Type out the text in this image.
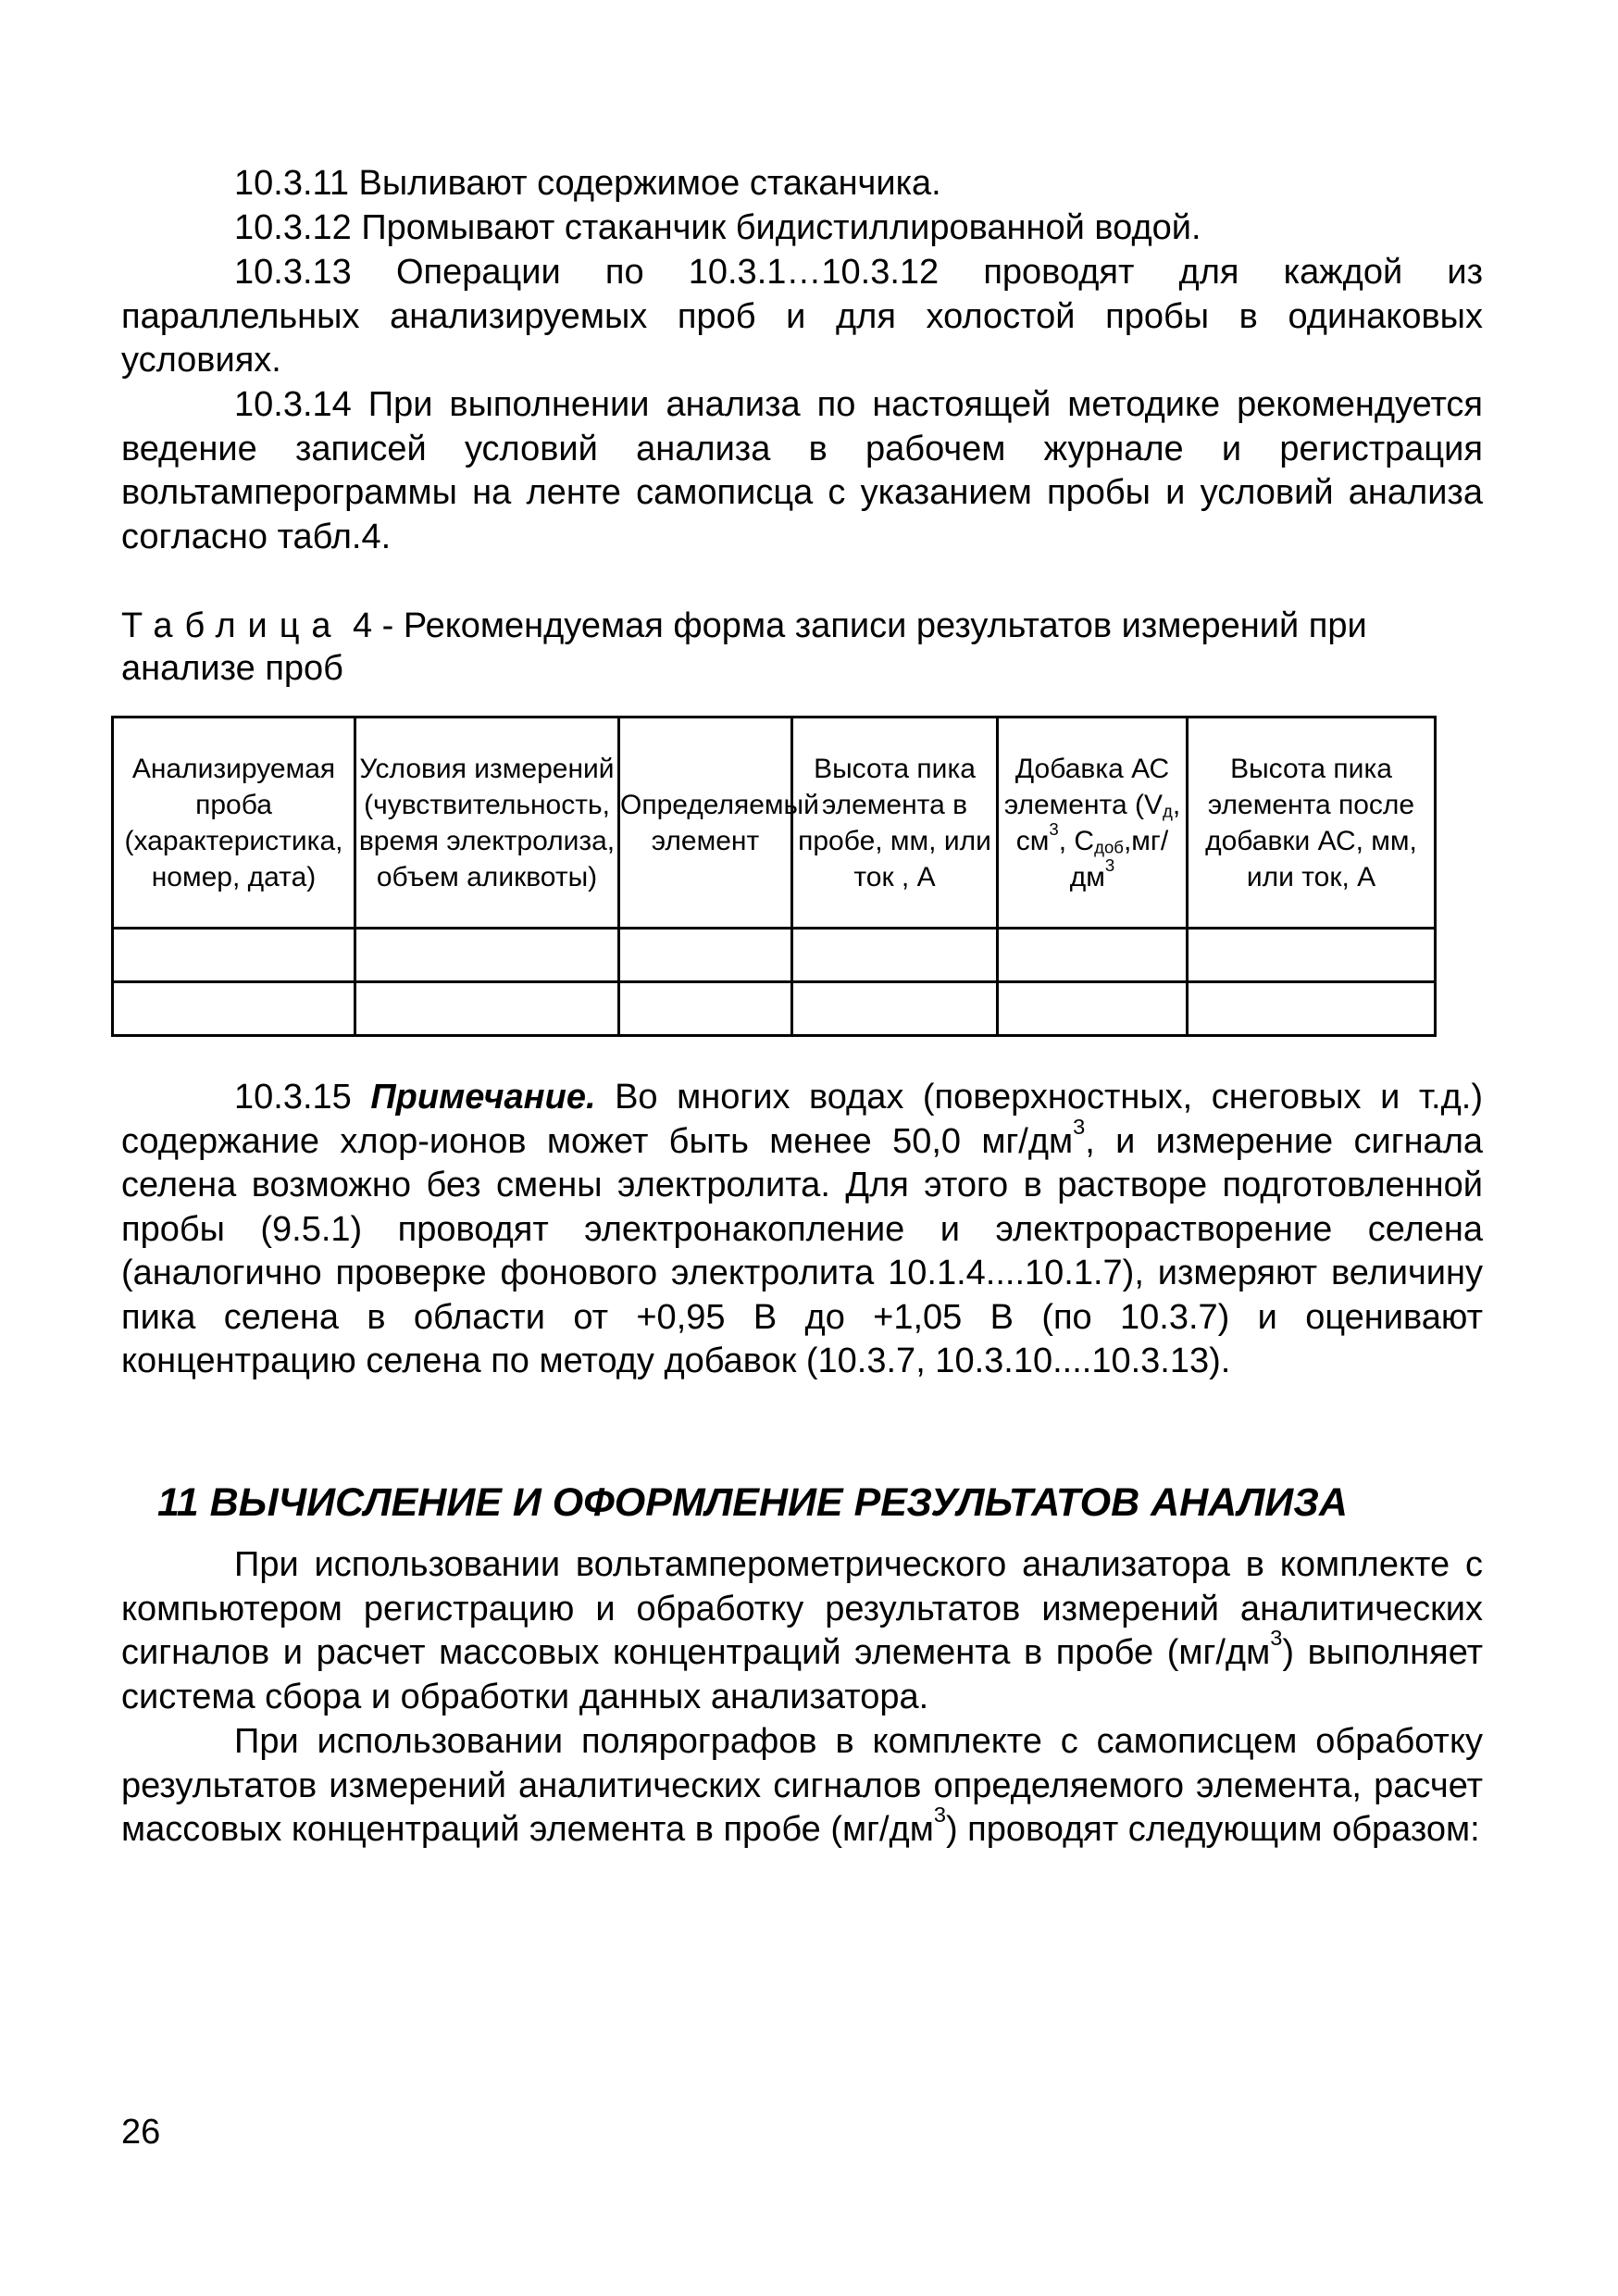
10.3.11 Выливают содержимое стаканчика.

10.3.12 Промывают стаканчик бидистиллированной водой.

10.3.13 Операции по 10.3.1…10.3.12 проводят для каждой из параллельных анализируемых проб и для холостой пробы в одинаковых условиях.

10.3.14 При выполнении анализа по настоящей методике рекомендуется ведение записей условий анализа в рабочем журнале и регистрация вольтамперограммы на ленте самописца с указанием пробы и условий анализа согласно табл.4.

Таблица 4 - Рекомендуемая форма записи результатов измерений при анализе проб

Анализируемая проба (характеристика, номер, дата)	Условия измерений (чувствительность, время электролиза, объем аликвоты)	Определяемый элемент	Высота пика элемента в пробе, мм, или ток , А	Добавка АС элемента ($V_д$, $см^3$, $С_{доб},мг/дм^3$	Высота пика элемента после добавки АС, мм, или ток, А

10.3.15 Примечание. Во многих водах (поверхностных, снеговых и т.д.) содержание хлор-ионов может быть менее 50,0 $мг/дм^3$, и измерение сигнала селена возможно без смены электролита. Для этого в растворе подготовленной пробы (9.5.1) проводят электронакопление и электрорастворение селена (аналогично проверке фонового электролита 10.1.4....10.1.7), измеряют величину пика селена в области от +0,95 В до +1,05 В (по 10.3.7) и оценивают концентрацию селена по методу добавок (10.3.7, 10.3.10....10.3.13).

11 ВЫЧИСЛЕНИЕ И ОФОРМЛЕНИЕ РЕЗУЛЬТАТОВ АНАЛИЗА

При использовании вольтамперометрического анализатора в комплекте с компьютером регистрацию и обработку результатов измерений аналитических сигналов и расчет массовых концентраций элемента в пробе $(мг/дм^3)$ выполняет система сбора и обработки данных анализатора.

При использовании полярографов в комплекте с самописцем обработку результатов измерений аналитических сигналов определяемого элемента, расчет массовых концентраций элемента в пробе $(мг/дм^3)$ проводят следующим образом:

26
